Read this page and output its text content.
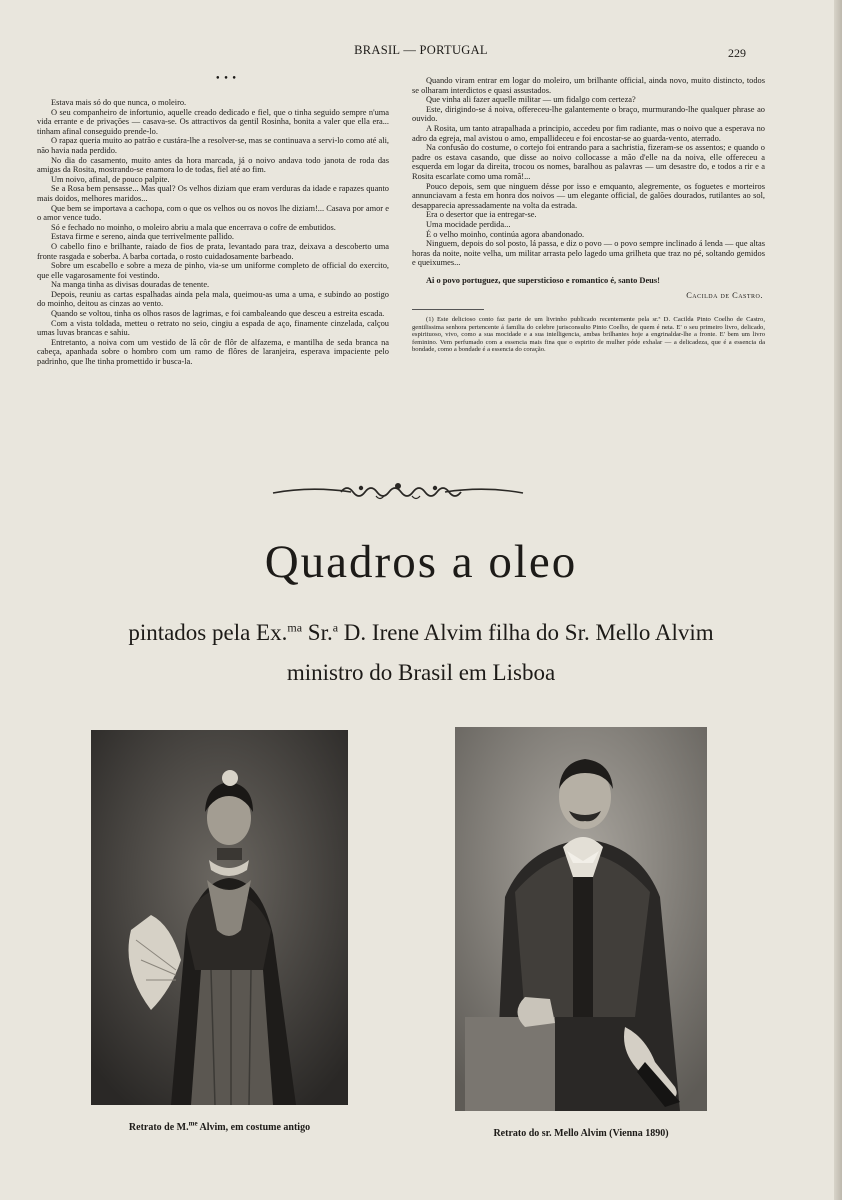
BRASIL — PORTUGAL	229
• • •

Estava mais só do que nunca, o moleiro.

O seu companheiro de infortunio, aquelle creado dedicado e fiel, que o tinha seguido sempre n'uma vida errante e de privações — casava-se. Os attractivos da gentil Rosinha, bonita a valer que ella era... tinham afinal conseguido prende-lo.

O rapaz queria muito ao patrão e custára-lhe a resolver-se, mas se continuava a servi-lo como até ali, não havia nada perdido.

No dia do casamento, muito antes da hora marcada, já o noivo andava todo janota de roda das amigas da Rosita, mostrando-se enamora lo de todas, fiel até ao fim.

Um noivo, afinal, de pouco palpite.

Se a Rosa bem pensasse... Mas qual? Os velhos diziam que eram verduras da idade e rapazes quanto mais doidos, melhores maridos...

Que bem se importava a cachopa, com o que os velhos ou os novos lhe diziam!... Casava por amor e o amor vence tudo.

Só e fechado no moinho, o moleiro abriu a mala que encerrava o cofre de embutidos.

Estava firme e sereno, ainda que terrivelmente pallido.

O cabello fino e brilhante, raiado de fios de prata, levantado para traz, deixava a descoberto uma fronte rasgada e soberba. A barba cortada, o rosto cuidadosamente barbeado.

Sobre um escabello e sobre a meza de pinho, via-se um uniforme completo de official do exercito, que elle vagarosamente foi vestindo.

Na manga tinha as divisas douradas de tenente.

Depois, reuniu as cartas espalhadas ainda pela mala, queimou-as uma a uma, e subindo ao postigo do moinho, deitou as cinzas ao vento.

Quando se voltou, tinha os olhos rasos de lagrimas, e foi cambaleando que desceu a estreita escada.

Com a vista toldada, metteu o retrato no seio, cingiu a espada de aço, finamente cinzelada, calçou umas luvas brancas e sahiu.

Entretanto, a noiva com um vestido de lã côr de flôr de alfazema, e mantilha de seda branca na cabeça, apanhada sobre o hombro com um ramo de flôres de laranjeira, esperava impaciente pelo padrinho, que lhe tinha promettido ir busca-la.

Quando viram entrar em logar do moleiro, um brilhante official, ainda novo, muito distincto, todos se olharam interdictos e quasi assustados.

Que vinha ali fazer aquelle militar — um fidalgo com certeza?

Este, dirigindo-se á noiva, offereceu-lhe galantemente o braço, murmurando-lhe qualquer phrase ao ouvido.

A Rosita, um tanto atrapalhada a principio, accedeu por fim radiante, mas o noivo que a esperava no adro da egreja, mal avistou o amo, empallideceu e foi encostar-se ao guarda-vento, aterrado.

Na confusão do costume, o cortejo foi entrando para a sachristia, fizeram-se os assentos; e quando o padre os estava casando, que disse ao noivo collocasse a mão d'elle na da noiva, elle offereceu a esquerda em logar da direita, trocou os nomes, baralhou as palavras — um desastre do, e todos a rir e a Rosita escarlate como uma romã!...

Pouco depois, sem que ninguem désse por isso e emquanto, alegremente, os foguetes e morteiros annunciavam a festa em honra dos noivos — um elegante official, de galões dourados, rutilantes ao sol, desapparecia apressadamente na volta da estrada.

Era o desertor que ia entregar-se.

Uma mocidade perdida...

É o velho moinho, continúa agora abandonado.

Ninguem, depois do sol posto, lá passa, e diz o povo — o povo sempre inclinado á lenda — que altas horas da noite, noite velha, um militar arrasta pelo lagedo uma grilheta que traz no pé, soltando gemidos e queixumes...

Ai o povo portuguez, que supersticioso e romantico é, santo Deus!

Cacilda de Castro.

(1) Este delicioso conto faz parte de um livrinho publicado recentemente pela sr.ª D. Cacilda Pinto Coelho de Castro, gentilissima senhora pertencente á familia do celebre jurisconsulto Pinto Coelho, de quem é neta. E' o seu primeiro livro, delicado, espirituoso, vivo, como a sua mocidade e a sua intelligencia, ambas brilhantes hoje a engrinaldar-lhe a fronte. E' bem um livro feminino. Vem perfumado com a essencia mais fina que o espirito de mulher póde exhalar — a delicadeza, que é a essencia da bondade, como a bondade é a essencia do coração.

Quadros a oleo
pintados pela Ex.$^{ma}$ Sr.$^a$ D. Irene Alvim filha do Sr. Mello Alvim
ministro do Brasil em Lisboa
Retrato de M.$^{me}$ Alvim, em costume antigo
Retrato do sr. Mello Alvim (Vienna 1890)
